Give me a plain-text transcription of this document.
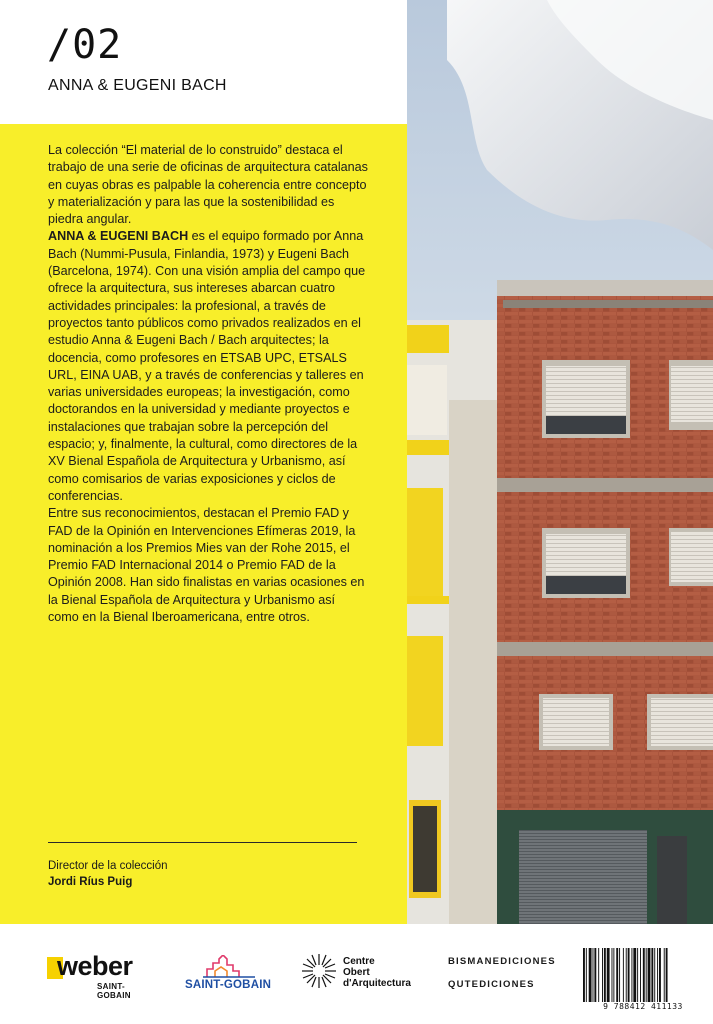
/02
ANNA & EUGENI BACH

La colección “El material de lo construido” destaca el trabajo de una serie de oficinas de arquitectura catalanas en cuyas obras es palpable la coherencia entre concepto y materialización y para las que la sostenibilidad es piedra angular.

ANNA & EUGENI BACH es el equipo formado por Anna Bach (Nummi-Pusula, Finlandia, 1973) y Eugeni Bach (Barcelona, 1974). Con una visión amplia del campo que ofrece la arquitectura, sus intereses abarcan cuatro actividades principales: la profesional, a través de proyectos tanto públicos como privados realizados en el estudio Anna & Eugeni Bach / Bach arquitectes; la docencia, como profesores en ETSAB UPC, ETSALS URL, EINA UAB, y a través de conferencias y talleres en varias universidades europeas; la investigación, como doctorandos en la universidad y mediante proyectos e instalaciones que trabajan sobre la percepción del espacio; y, finalmente, la cultural, como directores de la XV Bienal Española de Arquitectura y Urbanismo, así como comisarios de varias exposiciones y ciclos de conferencias.

Entre sus reconocimientos, destacan el Premio FAD y FAD de la Opinión en Intervenciones Efímeras 2019, la nominación a los Premios Mies van der Rohe 2015, el Premio FAD Internacional 2014 o Premio FAD de la Opinión 2008. Han sido finalistas en varias ocasiones en la Bienal Española de Arquitectura y Urbanismo así como en la Bienal Iberoamericana, entre otros.

Director de la colección
Jordi Ríus Puig
weber
SAINT-GOBAIN
SAINT-GOBAIN
Centre
Obert
d'Arquitectura
BISMANEDICIONES
QUTEDICIONES
9 788412 411133
